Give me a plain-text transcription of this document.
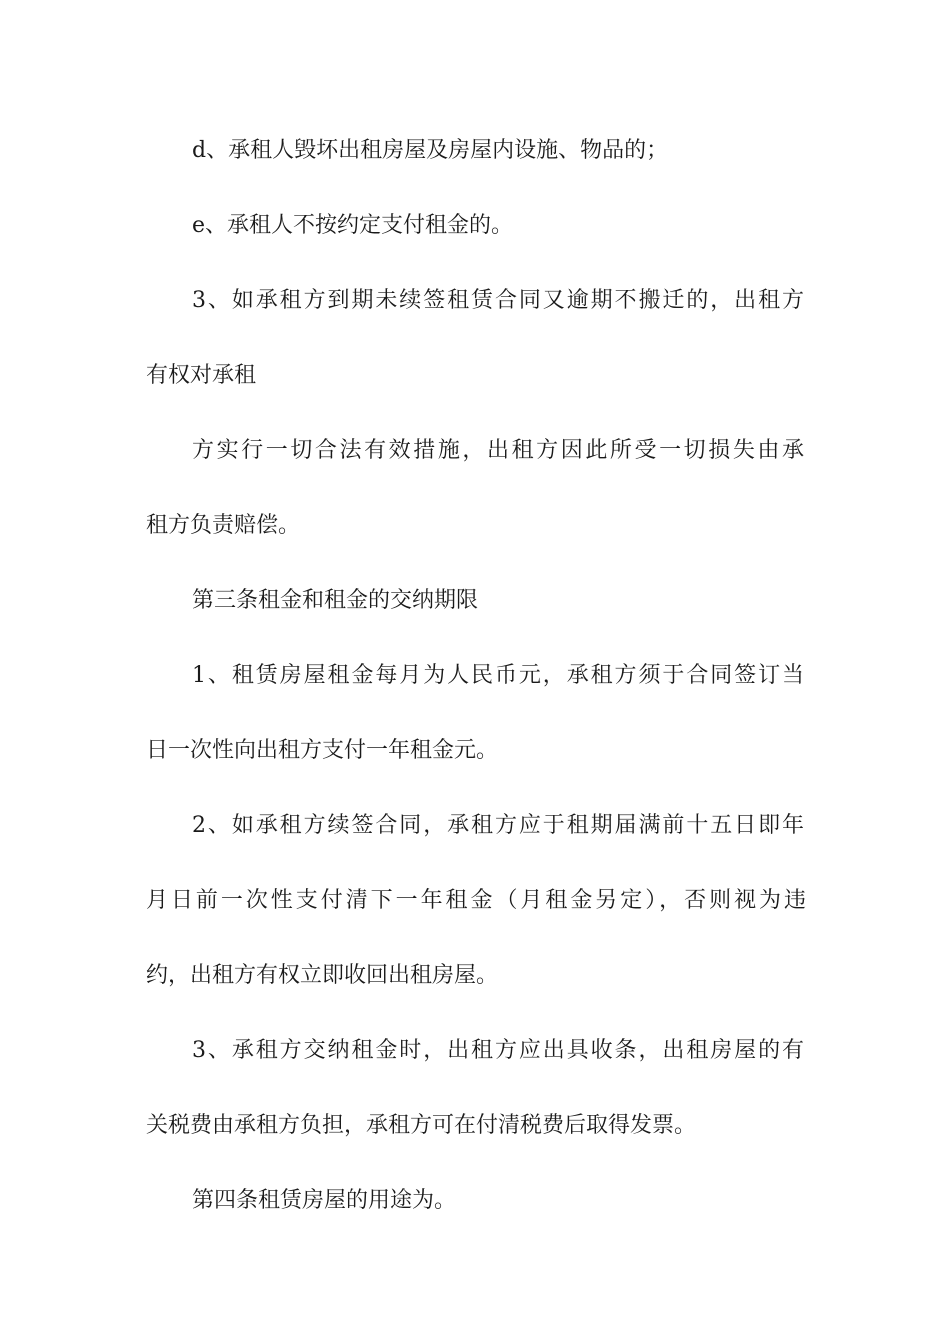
d、承租人毁坏出租房屋及房屋内设施、物品的；
e、承租人不按约定支付租金的。
3、如承租方到期未续签租赁合同又逾期不搬迁的，出租方
有权对承租
方实行一切合法有效措施，出租方因此所受一切损失由承
租方负责赔偿。
第三条租金和租金的交纳期限
1、租赁房屋租金每月为人民币元，承租方须于合同签订当
日一次性向出租方支付一年租金元。
2、如承租方续签合同，承租方应于租期届满前十五日即年
月日前一次性支付清下一年租金（月租金另定），否则视为违
约，出租方有权立即收回出租房屋。
3、承租方交纳租金时，出租方应出具收条，出租房屋的有
关税费由承租方负担，承租方可在付清税费后取得发票。
第四条租赁房屋的用途为。
